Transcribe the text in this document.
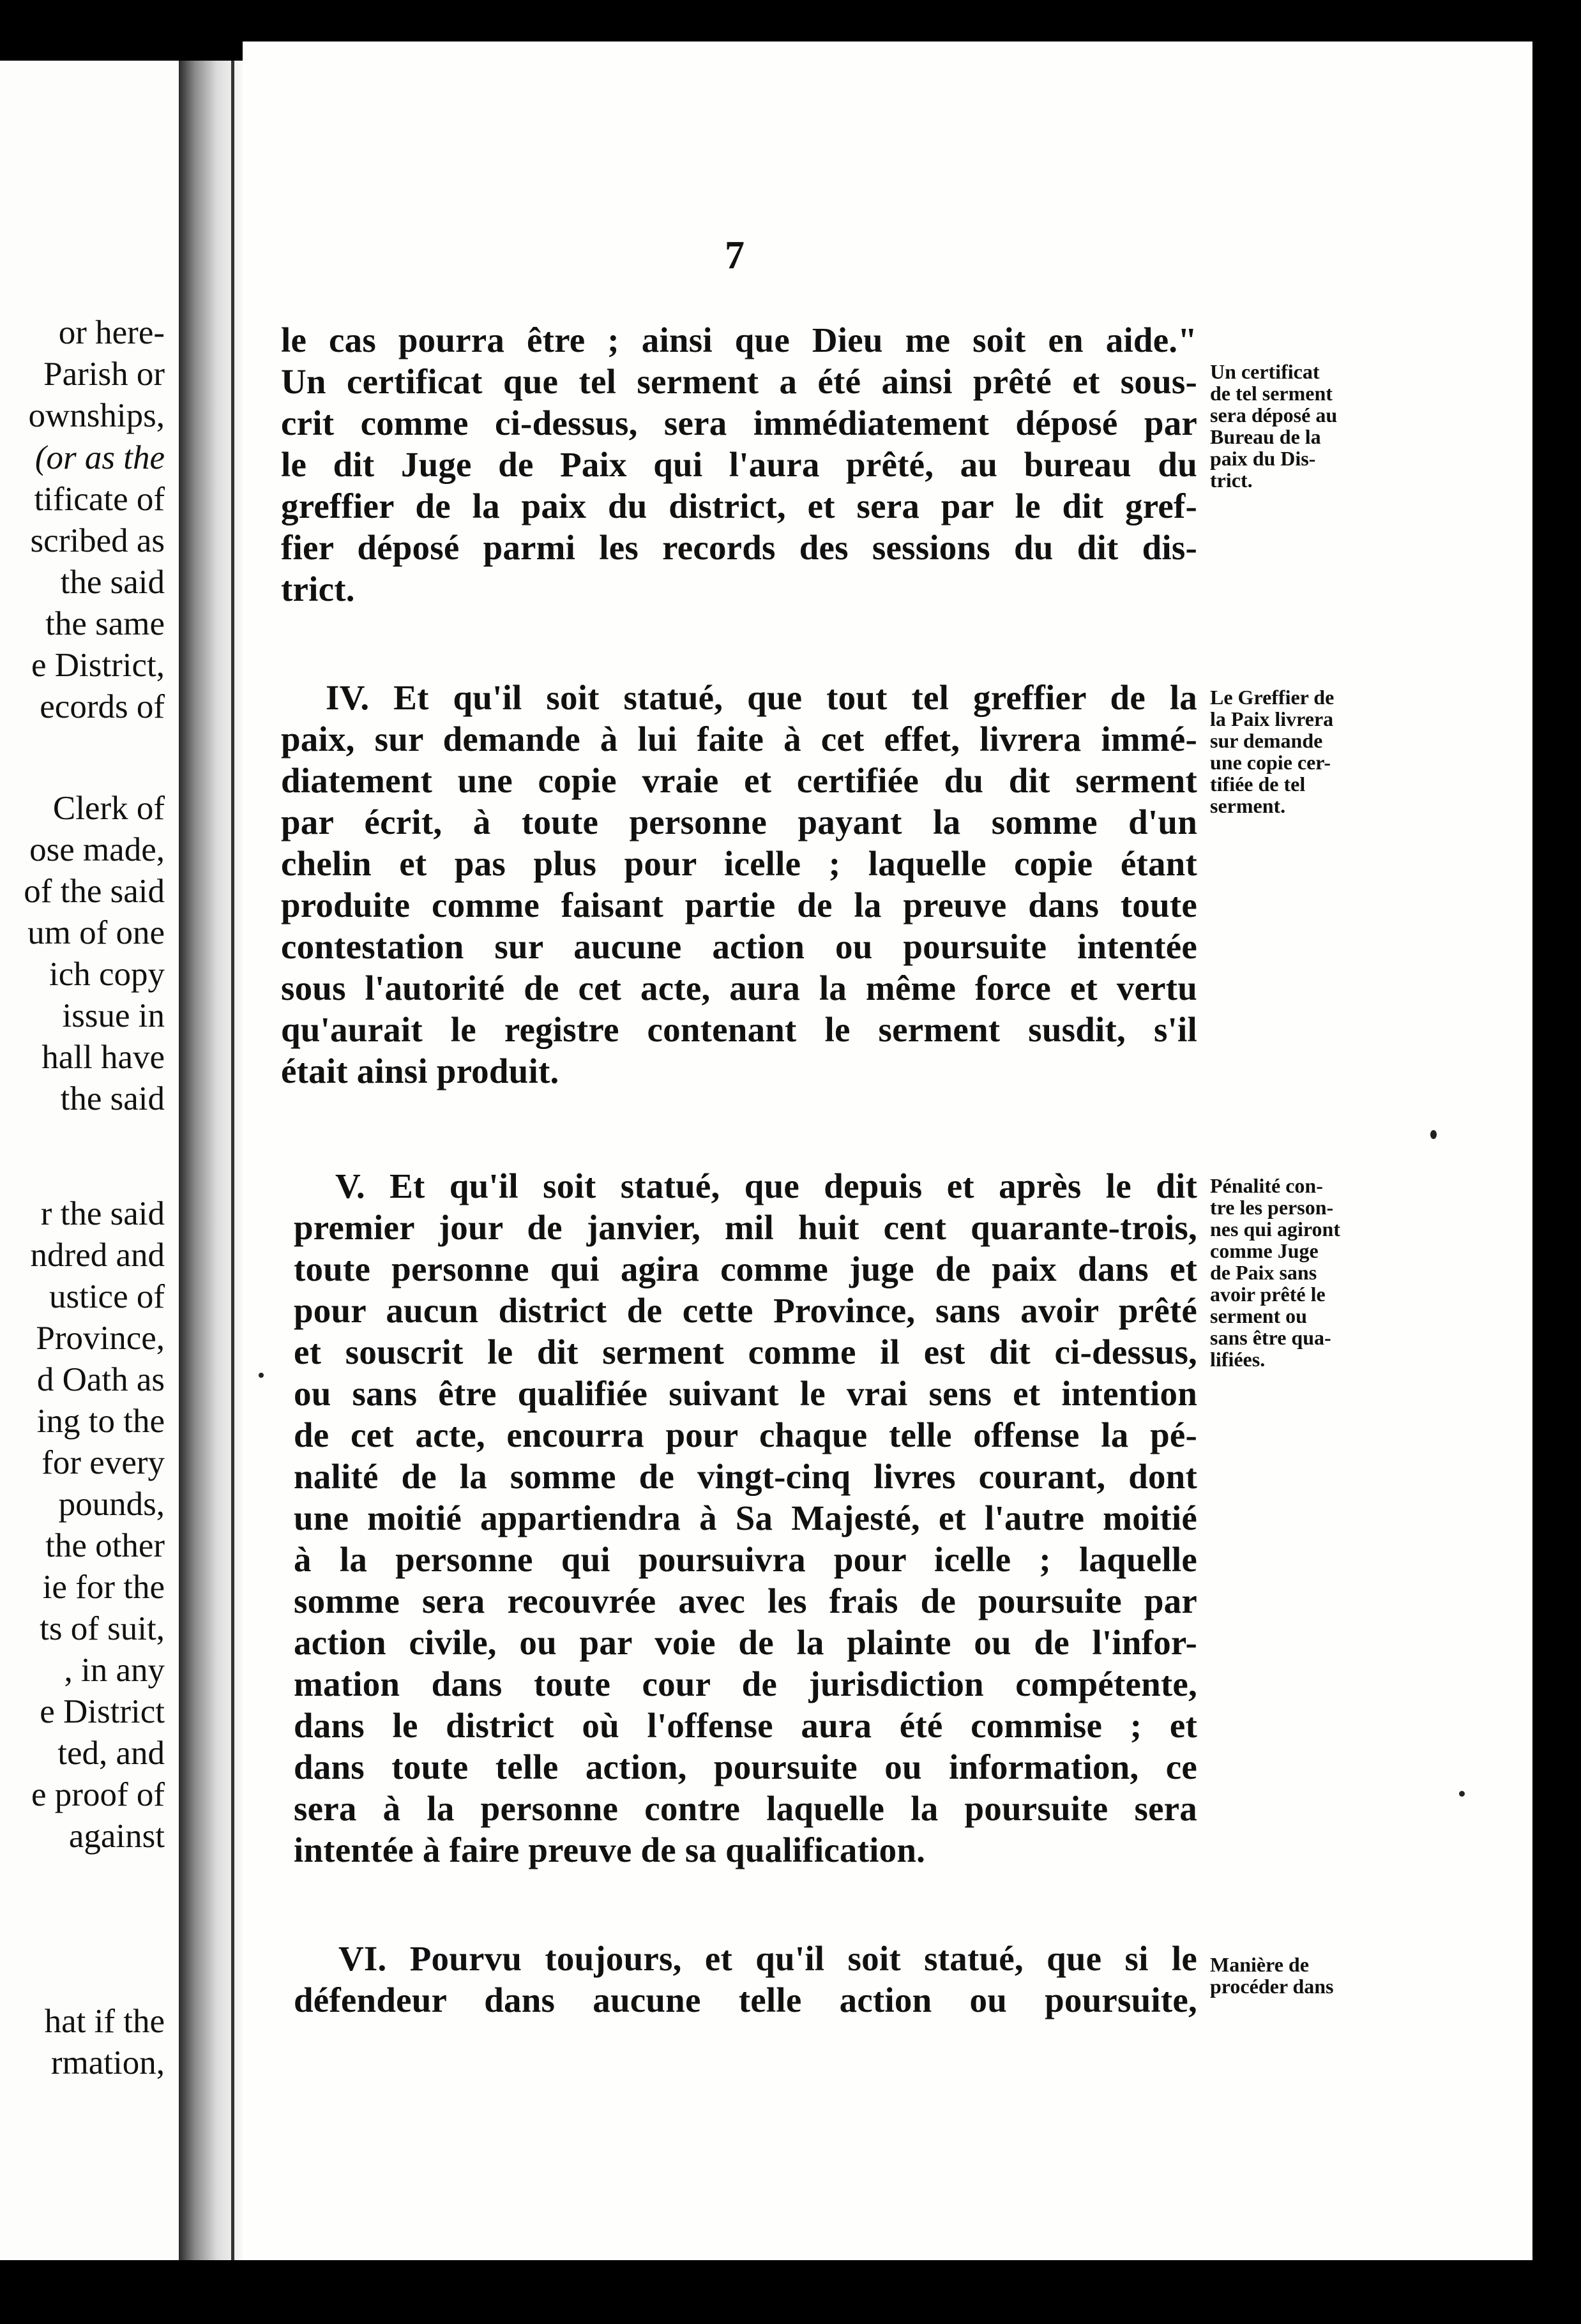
or here-
Parish or
ownships,
(or as the
tificate of
scribed as
the said
the same
e District,
ecords of
Clerk of
ose made,
of the said
um of one
ich copy
issue in
hall have
the said
r the said
ndred and
ustice of
Province,
d Oath as
ing to the
for every
pounds,
the other
ie for the
ts of suit,
, in any
e District
ted, and
e proof of
against
hat if the
rmation,
7
le cas pourra être ; ainsi que Dieu me soit en aide."
Un certificat que tel serment a été ainsi prêté et sous-
crit comme ci-dessus, sera immédiatement déposé par
le dit Juge de Paix qui l'aura prêté, au bureau du
greffier de la paix du district, et sera par le dit gref-
fier déposé parmi les records des sessions du dit dis-
trict.
Un certificat
de tel serment
sera déposé au
Bureau de la
paix du Dis-
trict.
IV. Et qu'il soit statué, que tout tel greffier de la
paix, sur demande à lui faite à cet effet, livrera immé-
diatement une copie vraie et certifiée du dit serment
par écrit, à toute personne payant la somme d'un
chelin et pas plus pour icelle ; laquelle copie étant
produite comme faisant partie de la preuve dans toute
contestation sur aucune action ou poursuite intentée
sous l'autorité de cet acte, aura la même force et vertu
qu'aurait le registre contenant le serment susdit, s'il
était ainsi produit.
Le Greffier de
la Paix livrera
sur demande
une copie cer-
tifiée de tel
serment.
V. Et qu'il soit statué, que depuis et après le dit
premier jour de janvier, mil huit cent quarante-trois,
toute personne qui agira comme juge de paix dans et
pour aucun district de cette Province, sans avoir prêté
et souscrit le dit serment comme il est dit ci-dessus,
ou sans être qualifiée suivant le vrai sens et intention
de cet acte, encourra pour chaque telle offense la pé-
nalité de la somme de vingt-cinq livres courant, dont
une moitié appartiendra à Sa Majesté, et l'autre moitié
à la personne qui poursuivra pour icelle ; laquelle
somme sera recouvrée avec les frais de poursuite par
action civile, ou par voie de la plainte ou de l'infor-
mation dans toute cour de jurisdiction compétente,
dans le district où l'offense aura été commise ; et
dans toute telle action, poursuite ou information, ce
sera à la personne contre laquelle la poursuite sera
intentée à faire preuve de sa qualification.
Pénalité con-
tre les person-
nes qui agiront
comme Juge
de Paix sans
avoir prêté le
serment ou
sans être qua-
lifiées.
VI. Pourvu toujours, et qu'il soit statué, que si le
défendeur dans aucune telle action ou poursuite,
Manière de
procéder dans
